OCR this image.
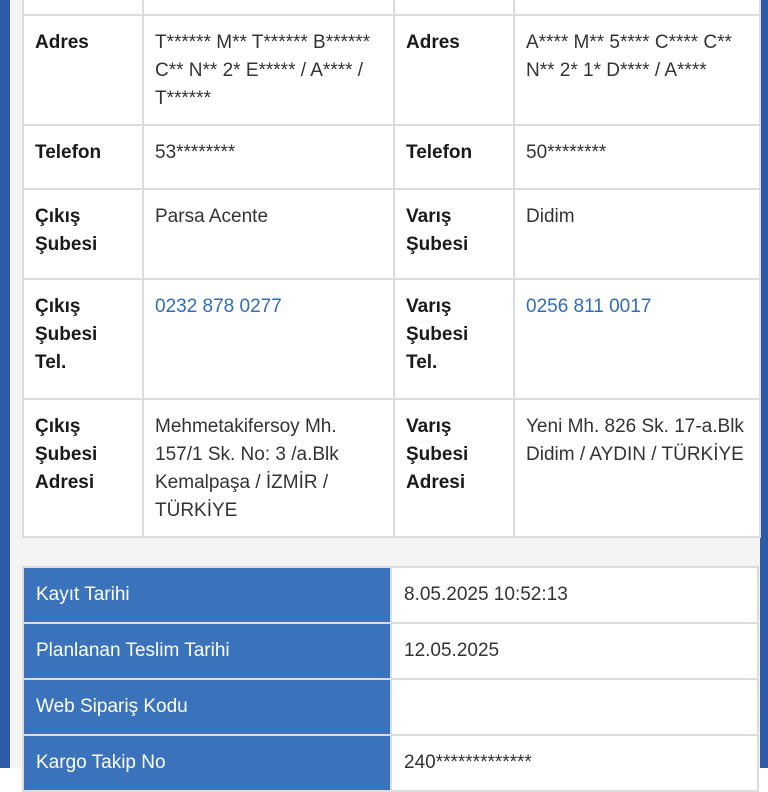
Adres	T****** M** T****** B****** C** N** 2* E***** / A**** / T******	Adres	A**** M** 5**** C**** C** N** 2* 1* D**** / A****
Telefon	53********	Telefon	50********
Çıkış Şubesi	Parsa Acente	Varış Şubesi	Didim
Çıkış Şubesi Tel.	0232 878 0277	Varış Şubesi Tel.	0256 811 0017
Çıkış Şubesi Adresi	Mehmetakifersoy Mh. 157/1 Sk. No: 3 /a.Blk Kemalpaşa / İZMİR / TÜRKİYE	Varış Şubesi Adresi	Yeni Mh. 826 Sk. 17-a.Blk Didim / AYDIN / TÜRKİYE
Kayıt Tarihi	8.05.2025 10:52:13
Planlanan Teslim Tarihi	12.05.2025
Web Sipariş Kodu	
Kargo Takip No	240*************
